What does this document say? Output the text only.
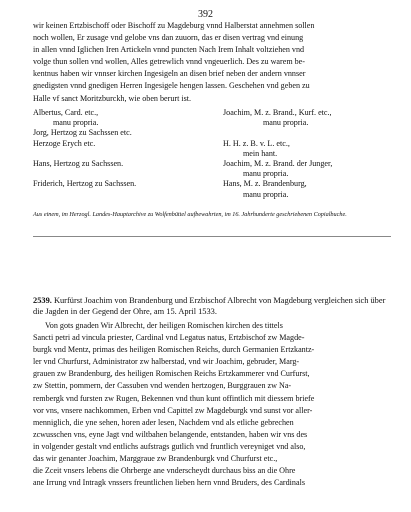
392
wir keinen Ertzbischoff oder Bischoff zu Magdeburg vnnd Halberstat annehmen sollen
noch wollen, Er zusage vnd gelobe vns dan zuuorn, das er disen vertrag vnd einung
in allen vnnd Iglichen Iren Artickeln vnnd puncten Nach Irem Inhalt voltziehen vnd
volge thun sollen vnd wollen, Alles getrewlich vnnd vngeuerlich. Des zu warem be-
kentnus haben wir vnnser kirchen Ingesigeln an disen brief neben der andern vnnser
gnedigsten vnnd gnedigen Herren Ingesigele hengen lassen. Geschehen vnd geben zu
Halle vf sanct Moritzburckh, wie oben berurt ist.
Albertus, Card. etc.,	Joachim, M. z. Brand., Kurf. etc.,
manu propria.	manu propria.
Jorg, Hertzog zu Sachssen etc.
Herzoge Erych etc.	H. H. z. B. v. L. etc.,
mein hant.
Hans, Hertzog zu Sachssen.	Joachim, M. z. Brand. der Junger,
manu propria.
Friderich, Hertzog zu Sachssen.	Hans, M. z. Brandenburg,
manu propria.
Aus einem, im Herzogl. Landes-Hauptarchive zu Wolfenbüttel aufbewahrten, im 16. Jahrhunderte geschriebenen Copialbuche.
2539. Kurfürst Joachim von Brandenburg und Erzbischof Albrecht von Magdeburg vergleichen sich über die Jagden in der Gegend der Ohre, am 15. April 1533.
Von gots gnaden Wir Albrecht, der heiligen Romischen kirchen des tittels
Sancti petri ad vincula priester, Cardinal vnd Legatus natus, Ertzbischof zw Magde-
burgk vnd Mentz, primas des heiligen Romischen Reichs, durch Germanien Ertzkantz-
ler vnd Churfurst, Administrator zw halberstad, vnd wir Joachim, gebruder, Marg-
grauen zw Brandenburg, des heiligen Romischen Reichs Ertzkammerer vnd Curfurst,
zw Stettin, pommern, der Cassuben vnd wenden hertzogen, Burggrauen zw Na-
rembergk vnd fursten zw Rugen, Bekennen vnd thun kunt offintlich mit diessem briefe
vor vns, vnsere nachkommen, Erben vnd Capittel zw Magdeburgk vnd sunst vor aller-
menniglich, die yne sehen, horen ader lesen, Nachdem vnd als etliche gebrechen
zcwusschen vns, eyne Jagt vnd wiltbahen belangende, entstanden, haben wir vns des
in volgender gestalt vnd entlichs aufstrags gutlich vnd fruntlich vereyniget vnd also,
das wir genanter Joachim, Marggraue zw Brandenburgk vnd Churfurst etc.,
die Zceit vnsers lebens die Ohrberge ane vnderscheydt durchaus biss an die Ohre
ane Irrung vnd Intragk vnssers freuntlichen lieben hern vnnd Bruders, des Cardinals
